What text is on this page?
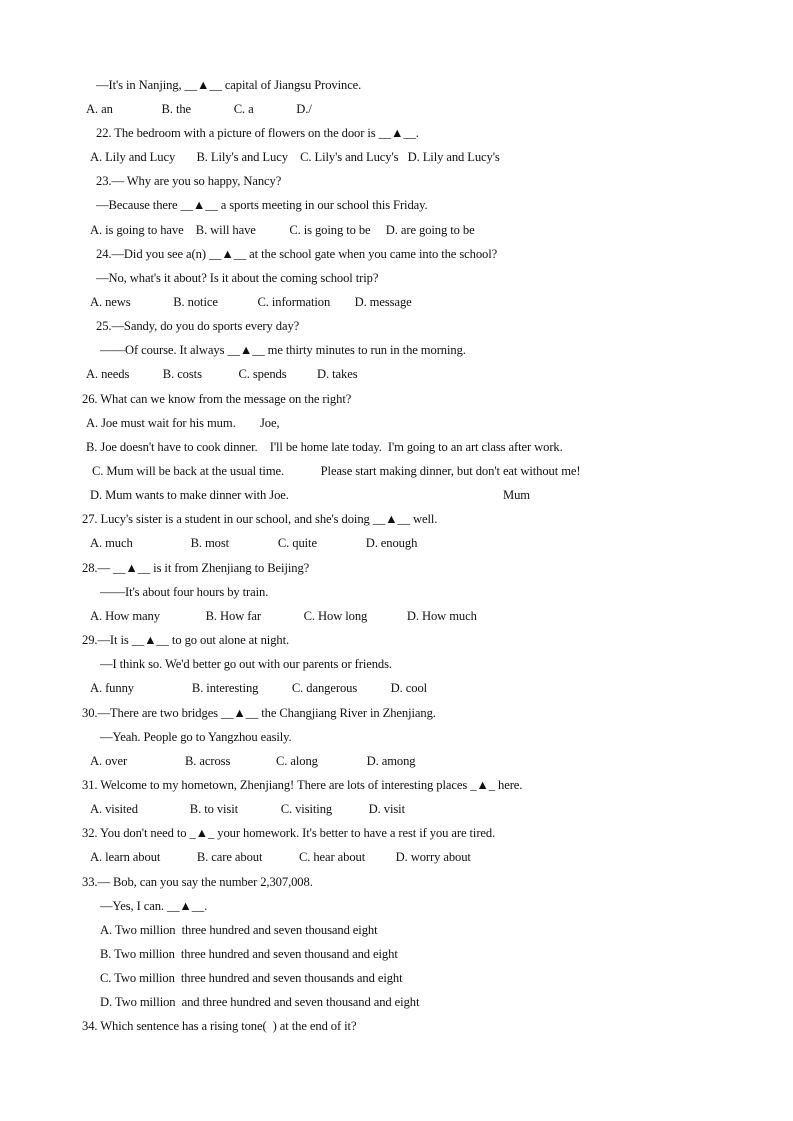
—It's in Nanjing, __▲__ capital of Jiangsu Province.
A. an                B. the              C. a              D./
22. The bedroom with a picture of flowers on the door is __▲__.
A. Lily and Lucy       B. Lily's and Lucy    C. Lily's and Lucy's   D. Lily and Lucy's
23.— Why are you so happy, Nancy?
—Because there __▲__ a sports meeting in our school this Friday.
A. is going to have    B. will have           C. is going to be     D. are going to be
24.—Did you see a(n) __▲__ at the school gate when you came into the school?
—No, what's it about? Is it about the coming school trip?
A. news              B. notice             C. information        D. message
25.—Sandy, do you do sports every day?
——Of course. It always __▲__ me thirty minutes to run in the morning.
A. needs           B. costs            C. spends          D. takes
26. What can we know from the message on the right?
A. Joe must wait for his mum.        Joe,
B. Joe doesn't have to cook dinner.    I'll be home late today.  I'm going to an art class after work.
C. Mum will be back at the usual time.            Please start making dinner, but don't eat without me!
D. Mum wants to make dinner with Joe.	Mum
27. Lucy's sister is a student in our school, and she's doing __▲__ well.
A. much                   B. most                C. quite                D. enough
28.— __▲__ is it from Zhenjiang to Beijing?
——It's about four hours by train.
A. How many               B. How far              C. How long             D. How much
29.—It is __▲__ to go out alone at night.
—I think so. We'd better go out with our parents or friends.
A. funny                   B. interesting           C. dangerous           D. cool
30.—There are two bridges __▲__ the Changjiang River in Zhenjiang.
—Yeah. People go to Yangzhou easily.
A. over                   B. across               C. along                D. among
31. Welcome to my hometown, Zhenjiang! There are lots of interesting places _▲_ here.
A. visited                 B. to visit              C. visiting            D. visit
32. You don't need to _▲_ your homework. It's better to have a rest if you are tired.
A. learn about            B. care about            C. hear about          D. worry about
33.— Bob, can you say the number 2,307,008.
—Yes, I can. __▲__.
A. Two million  three hundred and seven thousand eight
B. Two million  three hundred and seven thousand and eight
C. Two million  three hundred and seven thousands and eight
D. Two million  and three hundred and seven thousand and eight
34. Which sentence has a rising tone(  ) at the end of it?
